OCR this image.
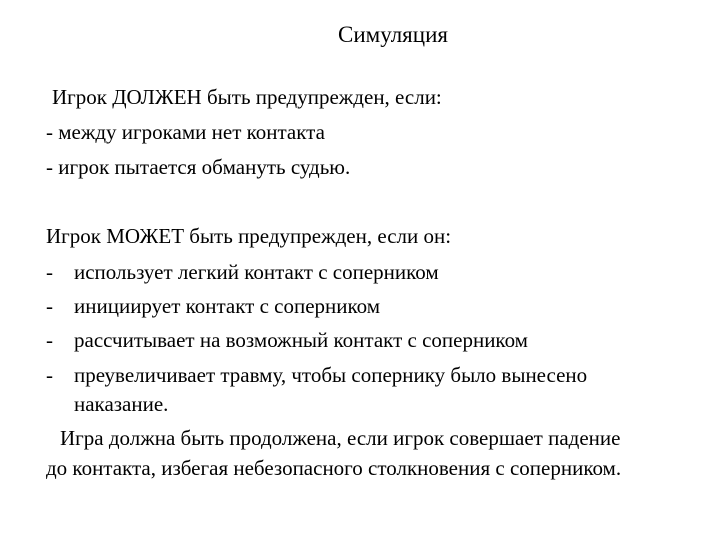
Симуляция
Игрок ДОЛЖЕН быть предупрежден, если:
- между игроками нет контакта
- игрок пытается обмануть судью.
Игрок МОЖЕТ быть предупрежден, если он:
- использует легкий контакт с соперником
- инициирует контакт с соперником
- рассчитывает на возможный контакт с соперником
- преувеличивает травму, чтобы сопернику было вынесено
наказание.
Игра должна быть продолжена, если игрок совершает падение
до контакта, избегая небезопасного столкновения с соперником.
